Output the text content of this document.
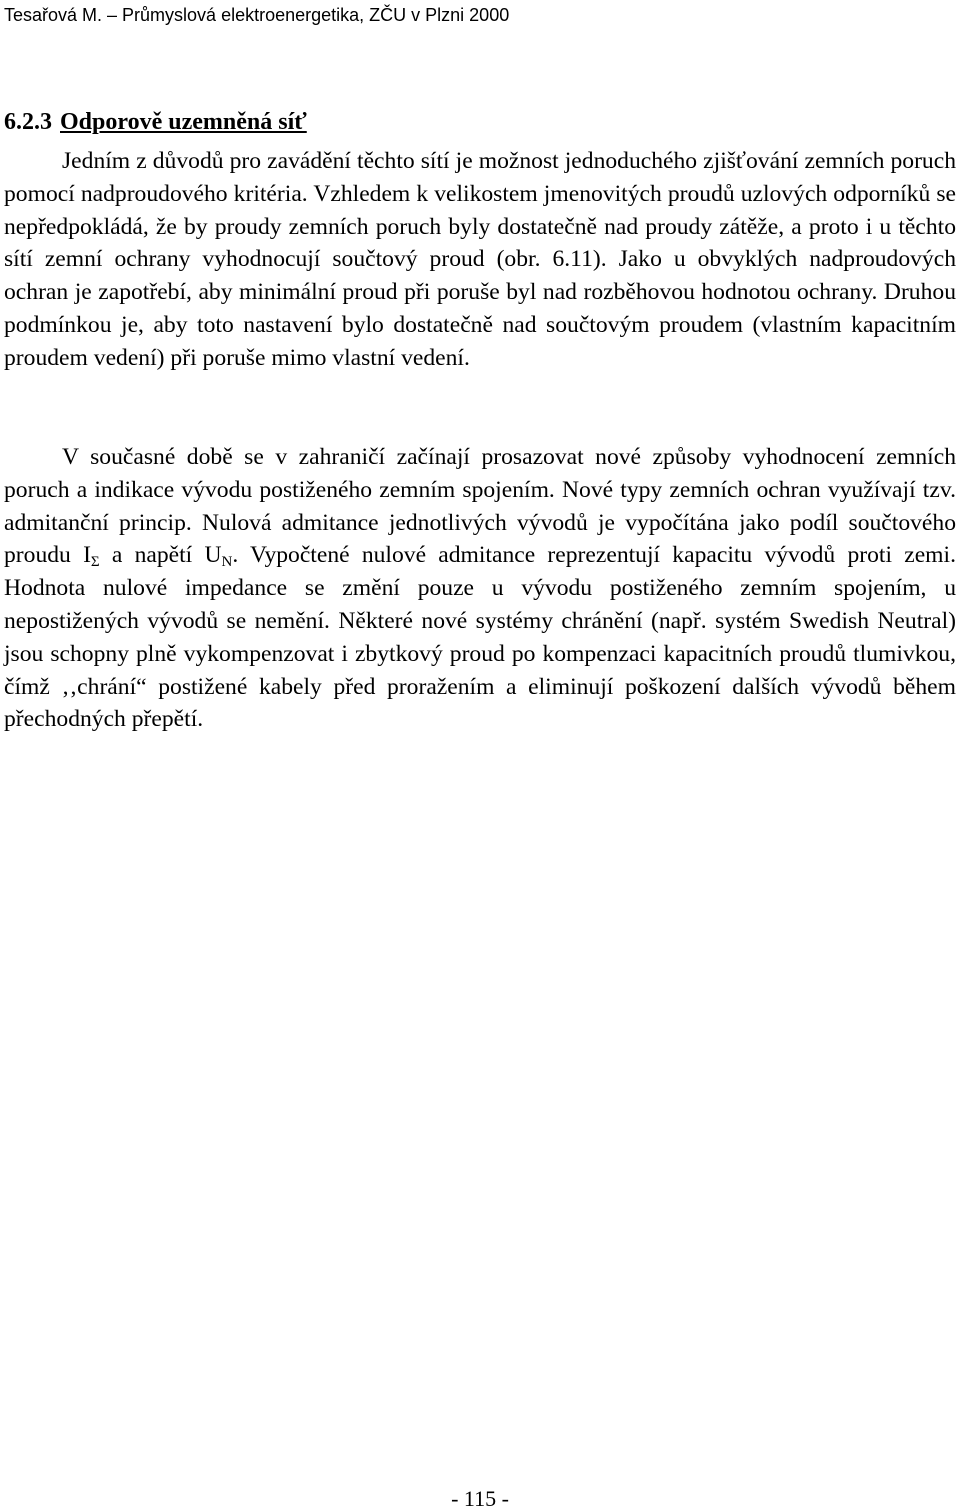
Tesařová M. – Průmyslová elektroenergetika, ZČU v Plzni 2000
6.2.3 Odporově uzemněná síť

Jedním z důvodů pro zavádění těchto sítí je možnost jednoduchého zjišťování zemních poruch pomocí nadproudového kritéria. Vzhledem k velikostem jmenovitých proudů uzlových odporníků se nepředpokládá, že by proudy zemních poruch byly dostatečně nad proudy zátěže, a proto i u těchto sítí zemní ochrany vyhodnocují součtový proud (obr. 6.11). Jako u obvyklých nadproudových ochran je zapotřebí, aby minimální proud při poruše byl nad rozběhovou hodnotou ochrany. Druhou podmínkou je, aby toto nastavení bylo dostatečně nad součtovým proudem (vlastním kapacitním proudem vedení) při poruše mimo vlastní vedení.

V současné době se v zahraničí začínají prosazovat nové způsoby vyhodnocení zemních poruch a indikace vývodu postiženého zemním spojením. Nové typy zemních ochran využívají tzv. admitanční princip. Nulová admitance jednotlivých vývodů je vypočítána jako podíl součtového proudu $I_\Sigma$ a napětí $U_N$. Vypočtené nulové admitance reprezentují kapacitu vývodů proti zemi. Hodnota nulové impedance se změní pouze u vývodu postiženého zemním spojením, u nepostižených vývodů se nemění. Některé nové systémy chránění (např. systém Swedish Neutral) jsou schopny plně vykompenzovat i zbytkový proud po kompenzaci kapacitních proudů tlumivkou, čímž ‚‚chrání“ postižené kabely před proražením a eliminují poškození dalších vývodů během přechodných přepětí.

- 115 -
